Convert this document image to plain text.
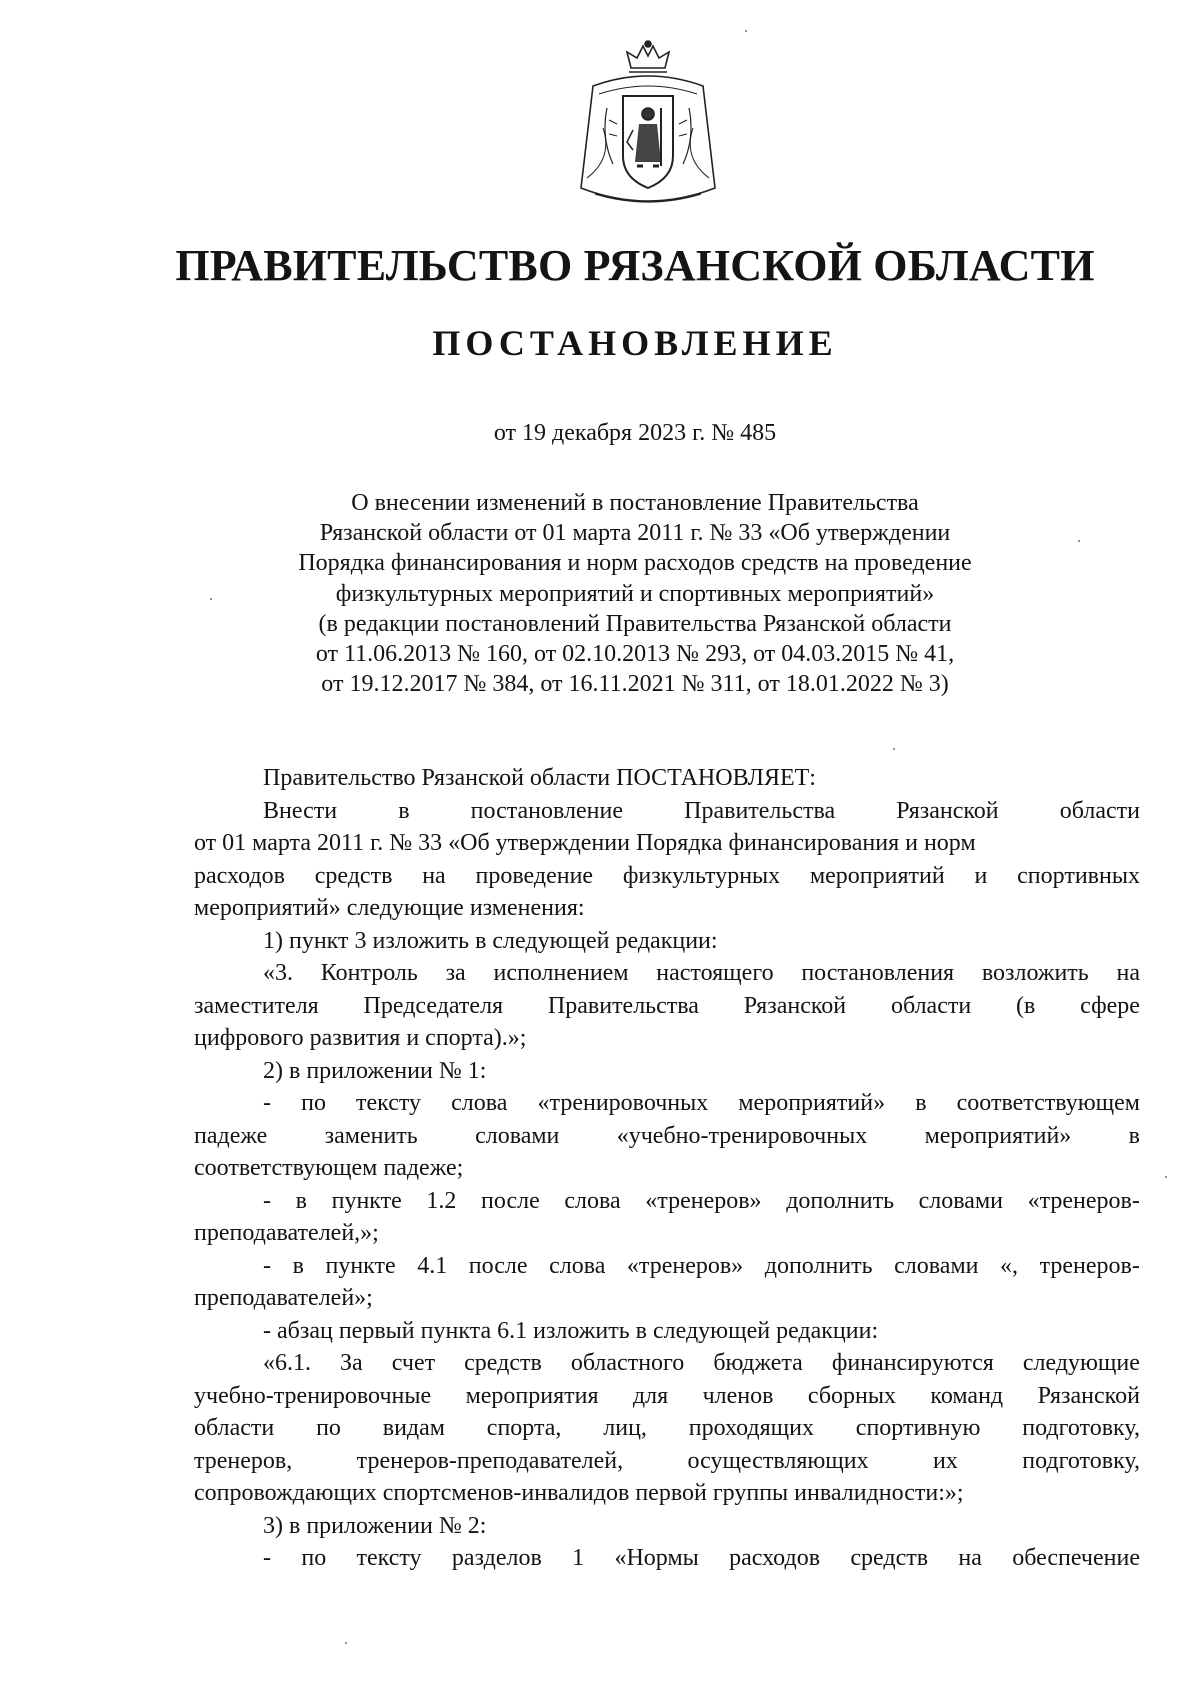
ПРАВИТЕЛЬСТВО РЯЗАНСКОЙ ОБЛАСТИ
ПОСТАНОВЛЕНИЕ
от 19 декабря 2023 г. № 485
О внесении изменений в постановление Правительства
Рязанской области от 01 марта 2011 г. № 33 «Об утверждении
Порядка финансирования и норм расходов средств на проведение
физкультурных мероприятий и спортивных мероприятий»
(в редакции постановлений Правительства Рязанской области
от 11.06.2013 № 160, от 02.10.2013 № 293, от 04.03.2015 № 41,
от 19.12.2017 № 384, от 16.11.2021 № 311, от 18.01.2022 № 3)
Правительство Рязанской области ПОСТАНОВЛЯЕТ:
Внести	в	постановление	Правительства	Рязанской	области
от 01 марта 2011 г. № 33 «Об утверждении Порядка финансирования и норм
расходов средств на проведение физкультурных мероприятий и спортивных
мероприятий» следующие изменения:
1) пункт 3 изложить в следующей редакции:
«3. Контроль за исполнением настоящего постановления возложить на
заместителя Председателя Правительства Рязанской области (в сфере
цифрового развития и спорта).»;
2) в приложении № 1:
- по тексту слова «тренировочных мероприятий» в соответствующем
падеже заменить словами «учебно-тренировочных мероприятий» в
соответствующем падеже;
- в пункте 1.2 после слова «тренеров» дополнить словами «тренеров-
преподавателей,»;
- в пункте 4.1 после слова «тренеров» дополнить словами «, тренеров-
преподавателей»;
- абзац первый пункта 6.1 изложить в следующей редакции:
«6.1. За счет средств областного бюджета финансируются следующие
учебно-тренировочные мероприятия для членов сборных команд Рязанской
области по видам спорта, лиц, проходящих спортивную подготовку,
тренеров,	тренеров-преподавателей,	осуществляющих	их	подготовку,
сопровождающих спортсменов-инвалидов первой группы инвалидности:»;
3) в приложении № 2:
- по тексту разделов 1 «Нормы расходов средств на обеспечение
